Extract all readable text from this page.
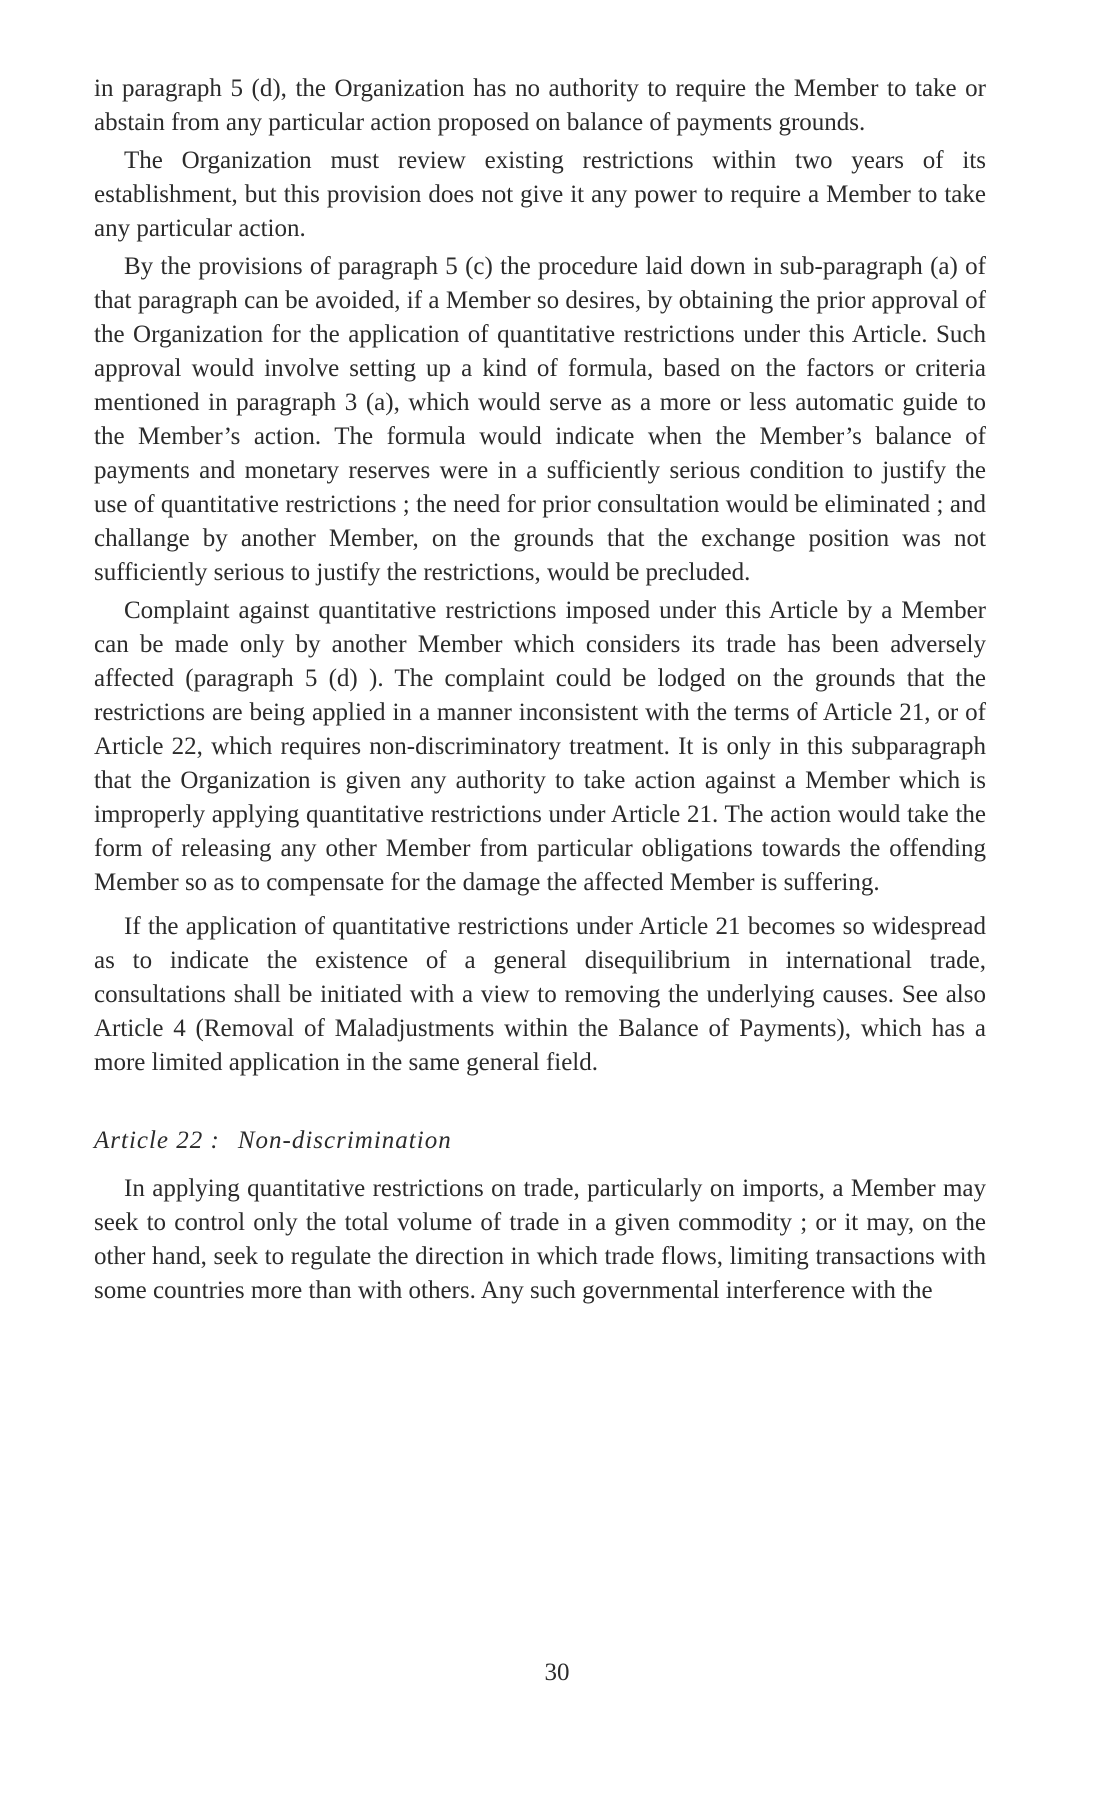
in paragraph 5 (d), the Organization has no authority to require the Member to take or abstain from any particular action proposed on balance of payments grounds.

The Organization must review existing restrictions within two years of its establishment, but this provision does not give it any power to require a Member to take any particular action.

By the provisions of paragraph 5 (c) the procedure laid down in sub-paragraph (a) of that paragraph can be avoided, if a Member so desires, by obtaining the prior approval of the Organization for the application of quantitative restrictions under this Article. Such approval would involve setting up a kind of formula, based on the factors or criteria mentioned in paragraph 3 (a), which would serve as a more or less automatic guide to the Member’s action. The formula would indicate when the Member’s balance of payments and monetary reserves were in a sufficiently serious condition to justify the use of quantitative restrictions ; the need for prior consultation would be eliminated ; and challange by another Member, on the grounds that the exchange position was not sufficiently serious to justify the restrictions, would be precluded.

Complaint against quantitative restrictions imposed under this Article by a Member can be made only by another Member which considers its trade has been adversely affected (paragraph 5 (d) ). The complaint could be lodged on the grounds that the restrictions are being applied in a manner inconsistent with the terms of Article 21, or of Article 22, which requires non-discriminatory treatment. It is only in this subparagraph that the Organization is given any authority to take action against a Member which is improperly applying quantitative restrictions under Article 21. The action would take the form of releasing any other Member from particular obligations towards the offending Member so as to compensate for the damage the affected Member is suffering.

If the application of quantitative restrictions under Article 21 becomes so widespread as to indicate the existence of a general disequilibrium in international trade, consultations shall be initiated with a view to removing the underlying causes. See also Article 4 (Removal of Maladjustments within the Balance of Payments), which has a more limited application in the same general field.

Article 22 : Non-discrimination

In applying quantitative restrictions on trade, particularly on imports, a Member may seek to control only the total volume of trade in a given commodity ; or it may, on the other hand, seek to regulate the direction in which trade flows, limiting transactions with some countries more than with others. Any such governmental interference with the

30
